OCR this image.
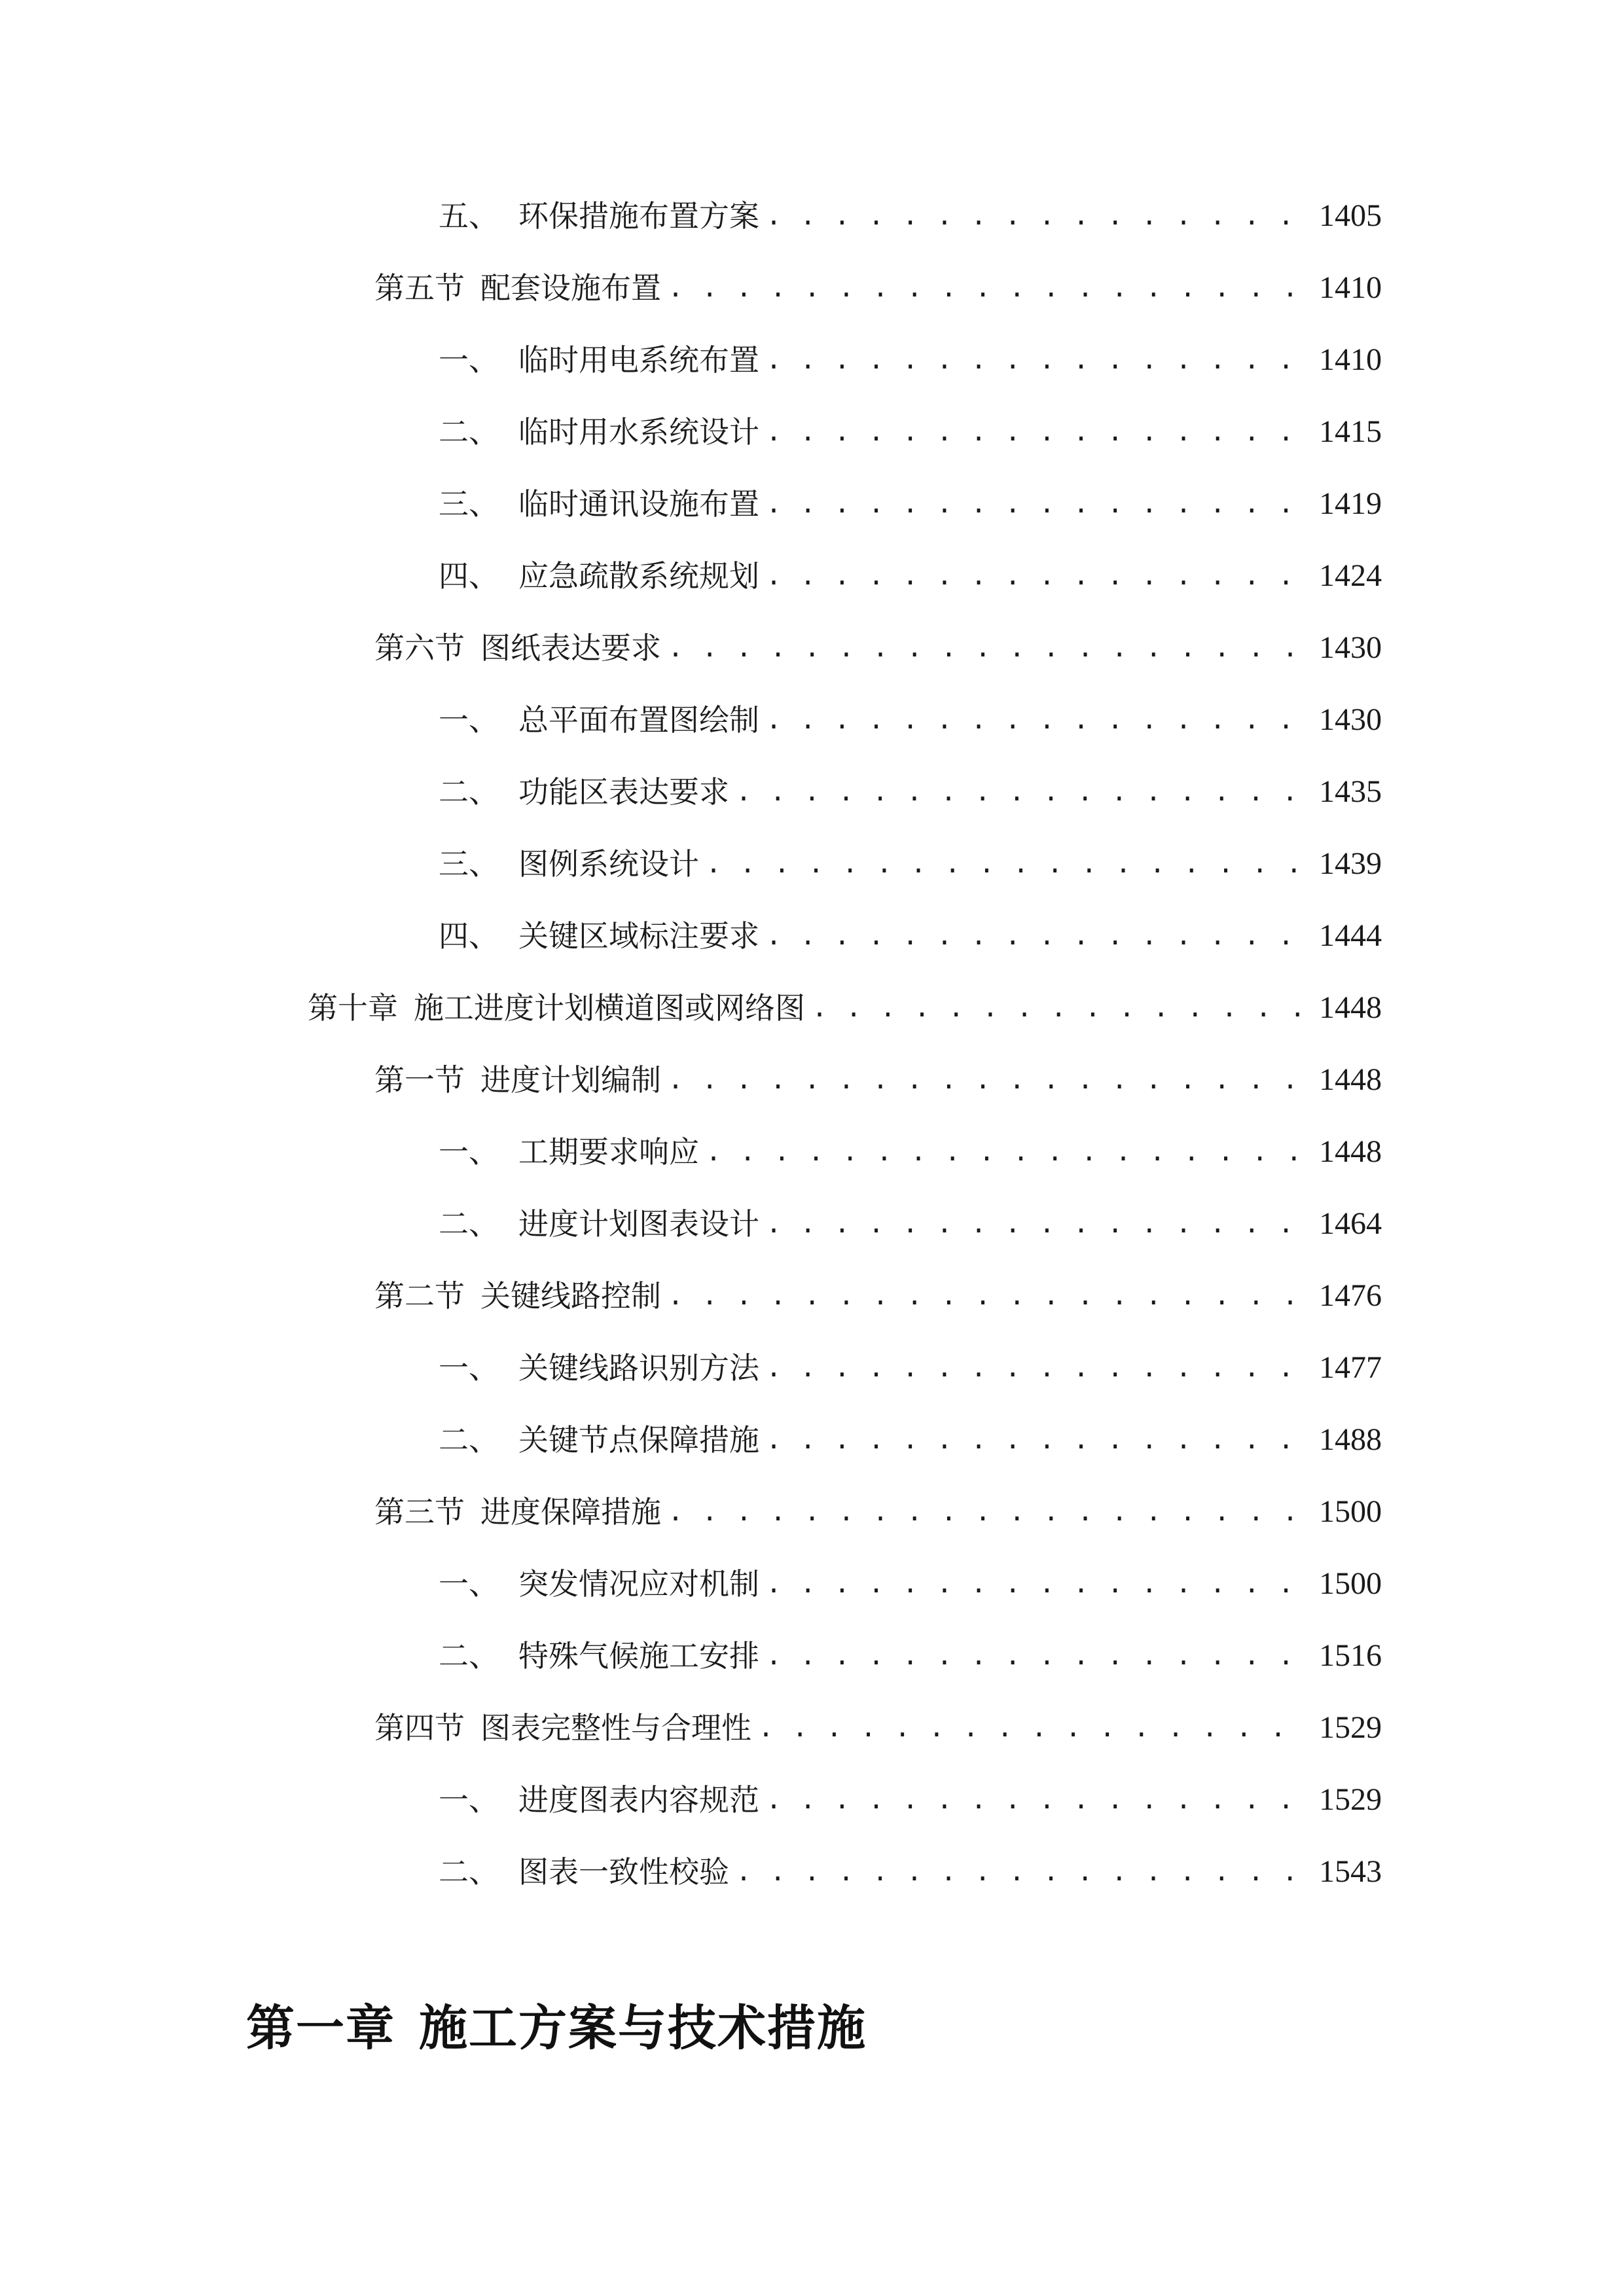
五、 环保措施布置方案 . . .	1405
第五节 配套设施布置 . . .	1410
一、 临时用电系统布置 . . .	1410
二、 临时用水系统设计 . . .	1415
三、 临时通讯设施布置 . . .	1419
四、 应急疏散系统规划 . . .	1424
第六节 图纸表达要求 . . .	1430
一、 总平面布置图绘制 . . .	1430
二、 功能区表达要求 . . .	1435
三、 图例系统设计 . . .	1439
四、 关键区域标注要求 . . .	1444
第十章 施工进度计划横道图或网络图 . . .	1448
第一节 进度计划编制 . . .	1448
一、 工期要求响应 . . .	1448
二、 进度计划图表设计 . . .	1464
第二节 关键线路控制 . . .	1476
一、 关键线路识别方法 . . .	1477
二、 关键节点保障措施 . . .	1488
第三节 进度保障措施 . . .	1500
一、 突发情况应对机制 . . .	1500
二、 特殊气候施工安排 . . .	1516
第四节 图表完整性与合理性 . . .	1529
一、 进度图表内容规范 . . .	1529
二、 图表一致性校验 . . .	1543
第一章 施工方案与技术措施
